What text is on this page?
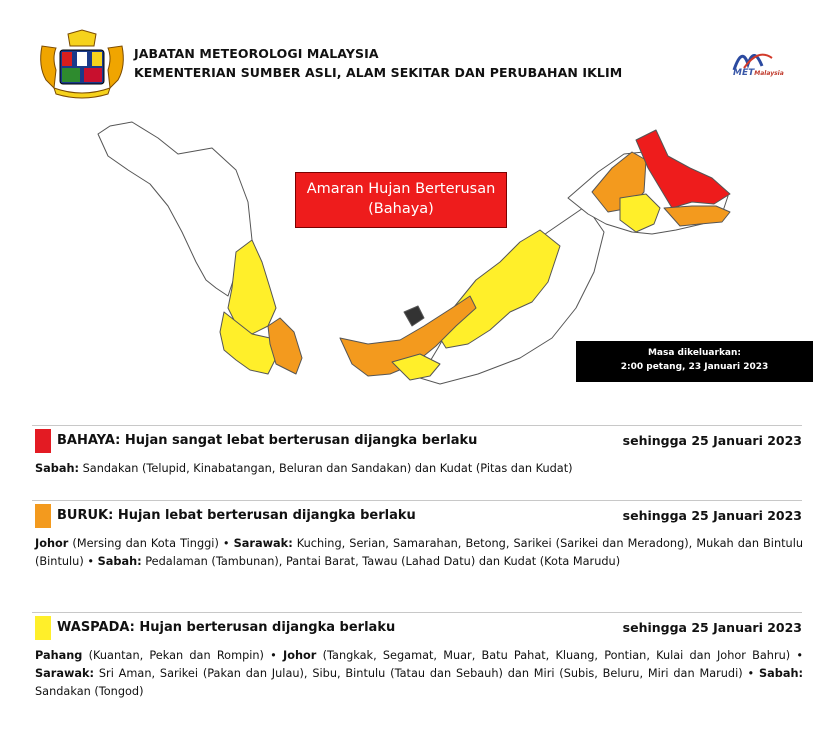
JABATAN METEOROLOGI MALAYSIA
KEMENTERIAN SUMBER ASLI, ALAM SEKITAR DAN PERUBAHAN IKLIM	METMalaysia
Amaran Hujan Berterusan
(Bahaya)
Masa dikeluarkan:
2:00 petang, 23 Januari 2023
BAHAYA: Hujan sangat lebat berterusan dijangka berlaku	sehingga 25 Januari 2023
Sabah: Sandakan (Telupid, Kinabatangan, Beluran dan Sandakan) dan Kudat (Pitas dan Kudat)
BURUK: Hujan lebat berterusan dijangka berlaku	sehingga 25 Januari 2023
Johor (Mersing dan Kota Tinggi) • Sarawak: Kuching, Serian, Samarahan, Betong, Sarikei (Sarikei dan Meradong), Mukah dan Bintulu (Bintulu) • Sabah: Pedalaman (Tambunan), Pantai Barat, Tawau (Lahad Datu) dan Kudat (Kota Marudu)
WASPADA: Hujan berterusan dijangka berlaku	sehingga 25 Januari 2023
Pahang (Kuantan, Pekan dan Rompin) • Johor (Tangkak, Segamat, Muar, Batu Pahat, Kluang, Pontian, Kulai dan Johor Bahru) • Sarawak: Sri Aman, Sarikei (Pakan dan Julau), Sibu, Bintulu (Tatau dan Sebauh) dan Miri (Subis, Beluru, Miri dan Marudi) • Sabah: Sandakan (Tongod)
